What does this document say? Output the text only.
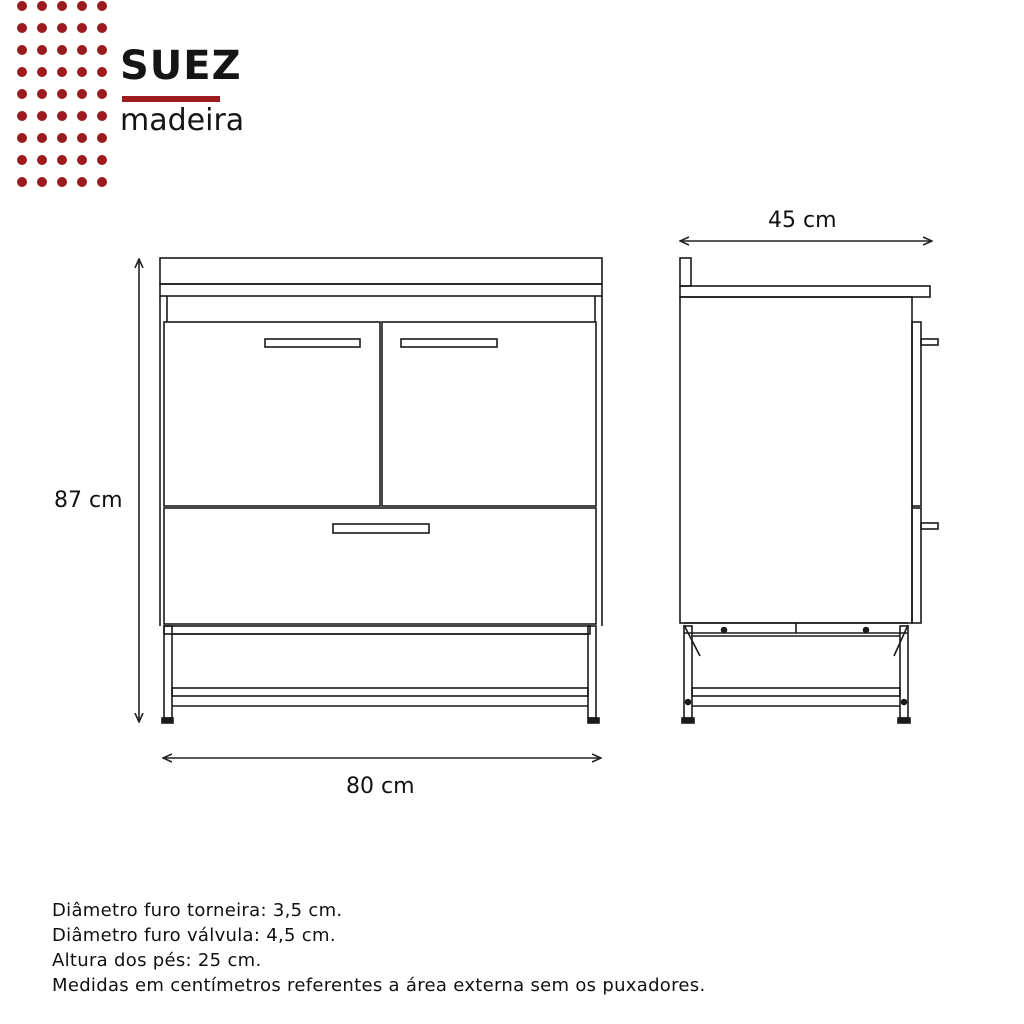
SUEZ
madeira
80 cm
87 cm
45 cm
Diâmetro furo torneira: 3,5 cm.
Diâmetro furo válvula: 4,5 cm.
Altura dos pés: 25 cm.
Medidas em centímetros referentes a área externa sem os puxadores.
